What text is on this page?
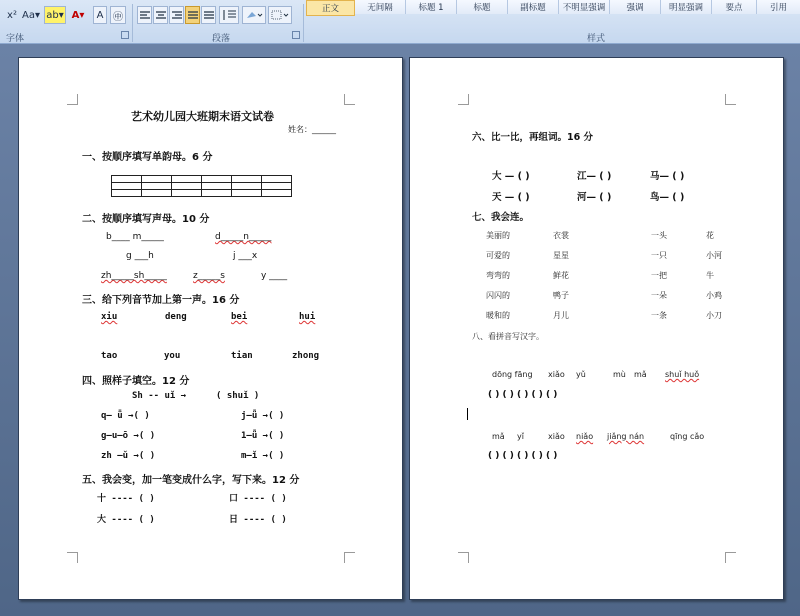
x² Aa▾ ab▾ A▾	A ㊥
字体	段落
正文	无间隔	标题 1	标题	副标题 不明显强调 强调	明显强调	要点	引用
样式
艺术幼儿园大班期末语文试卷
姓名：______
一、按顺序填写单韵母。6 分

二、按顺序填写声母。10 分
b____ m_____	d_____n_____
g ___h	j ___x
zh_____sh_____	z_____s	y ____
三、给下列音节加上第一声。16 分
xiu	deng	bei	hui
tao	you	tian	zhong
四、照样子填空。12 分
Sh -- uǐ →	( shuǐ )
q— ǖ →( )	j—ǖ →( )
g—u—ō →( )	1—ǖ →( )
zh —ǔ →( )	m—ǐ →( )
五、我会变，加一笔变成什么字，写下来。12 分
十 ---- ( )	口 ---- ( )
大 ---- ( )	日 ---- ( )
六、比一比，再组词。16 分
大 — ( )	江— ( )	马— ( )
天 — ( )	河— ( )	鸟— ( )
七、我会连。
美丽的	衣裳	一头	花
可爱的	星星	一只	小河
弯弯的	鲜花	一把	牛
闪闪的	鸭子	一朵	小鸡
暖和的	月儿	一条	小刀
八、看拼音写汉字。
dōng fāng xiǎo yǔ	mù mǎ shuǐ huǒ
( ) ( ) ( ) ( ) ( )
mǎ yǐ	xiǎo niǎo jiǎng nán	qīng cǎo
( ) ( ) ( ) ( ) ( )
